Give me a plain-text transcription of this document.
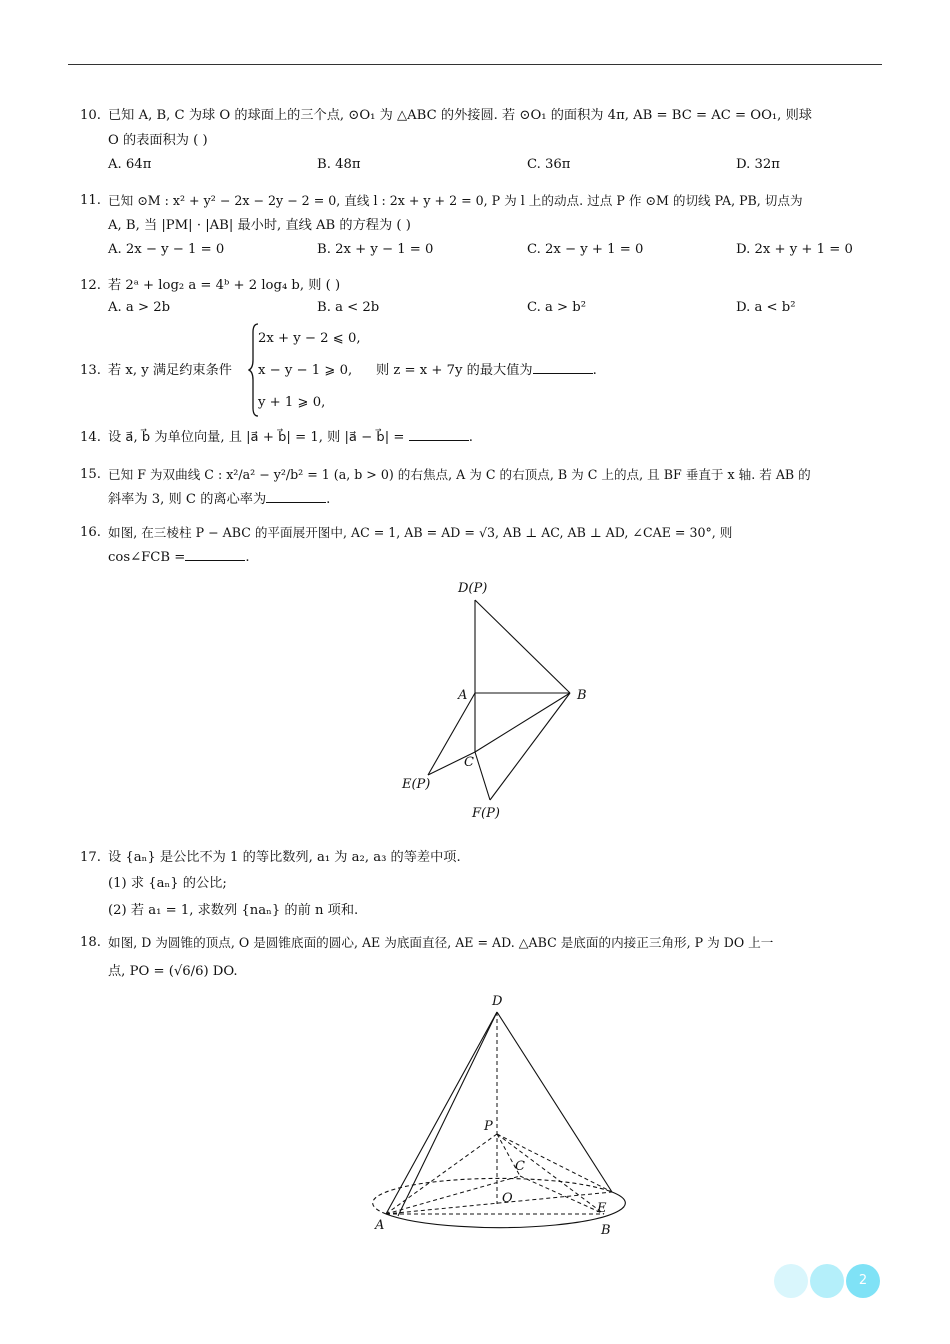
10. 已知 A, B, C 为球 O 的球面上的三个点, ⊙O₁ 为 △ABC 的外接圆. 若 ⊙O₁ 的面积为 4π, AB = BC = AC = OO₁, 则球
O 的表面积为 ( )
A. 64π	B. 48π	C. 36π	D. 32π
11. 已知 ⊙M : x² + y² − 2x − 2y − 2 = 0, 直线 l : 2x + y + 2 = 0, P 为 l 上的动点. 过点 P 作 ⊙M 的切线 PA, PB, 切点为
A, B, 当 |PM| · |AB| 最小时, 直线 AB 的方程为 ( )
A. 2x − y − 1 = 0	B. 2x + y − 1 = 0	C. 2x − y + 1 = 0	D. 2x + y + 1 = 0
12. 若 2ᵃ + log₂ a = 4ᵇ + 2 log₄ b, 则 ( )
A. a > 2b	B. a < 2b	C. a > b²	D. a < b²
13. 若 x, y 满足约束条件
2x + y − 2 ⩽ 0,
x − y − 1 ⩾ 0,
y + 1 ⩾ 0,
则 z = x + 7y 的最大值为	.
14. 设 a⃗, b⃗ 为单位向量, 且 |a⃗ + b⃗| = 1, 则 |a⃗ − b⃗| =	.
15. 已知 F 为双曲线 C : x²/a² − y²/b² = 1 (a, b > 0) 的右焦点, A 为 C 的右顶点, B 为 C 上的点, 且 BF 垂直于 x 轴. 若 AB 的
斜率为 3, 则 C 的离心率为	.
16. 如图, 在三棱柱 P − ABC 的平面展开图中, AC = 1, AB = AD = √3, AB ⊥ AC, AB ⊥ AD, ∠CAE = 30°, 则
cos∠FCB =	.
D(P)
A	B
C
E(P)
F(P)
17. 设 {aₙ} 是公比不为 1 的等比数列, a₁ 为 a₂, a₃ 的等差中项.
(1) 求 {aₙ} 的公比;
(2) 若 a₁ = 1, 求数列 {naₙ} 的前 n 项和.
18. 如图, D 为圆锥的顶点, O 是圆锥底面的圆心, AE 为底面直径, AE = AD. △ABC 是底面的内接正三角形, P 为 DO 上一
点, PO = (√6/6) DO.
D
P
C
O
A
E
B
2
